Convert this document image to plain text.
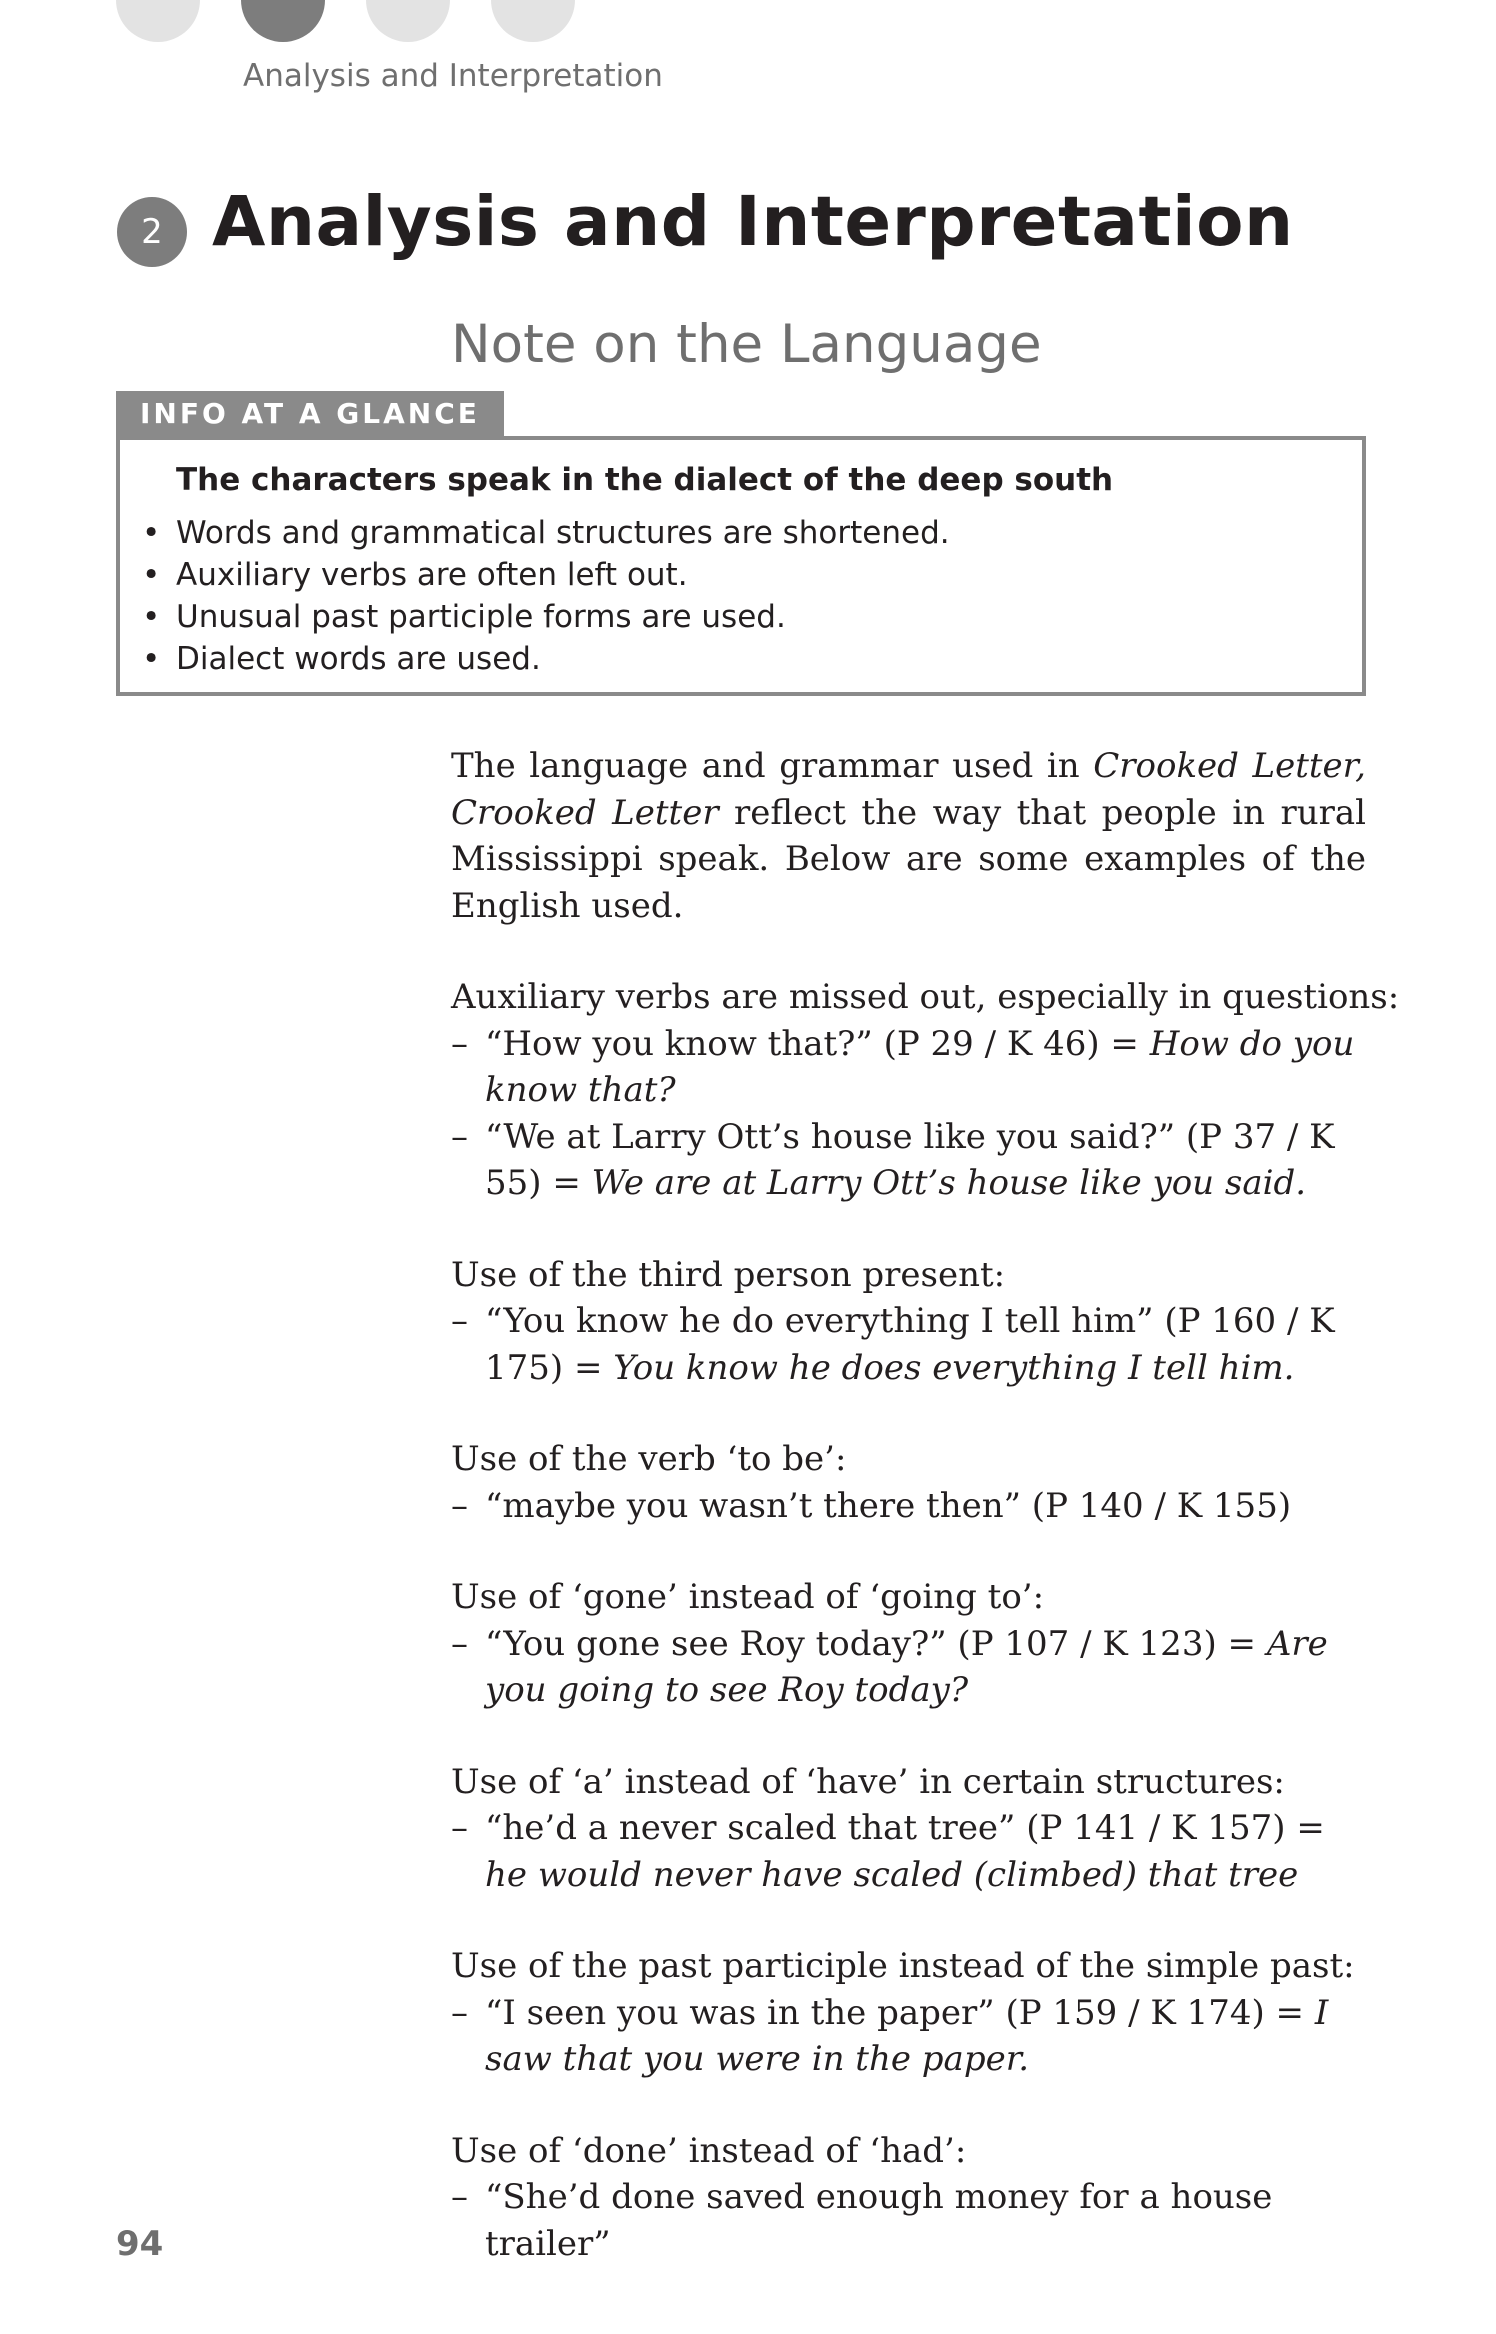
Analysis and Interpretation
2 Analysis and Interpretation
Note on the Language
INFO AT A GLANCE
The characters speak in the dialect of the deep south
• Words and grammatical structures are shortened.
• Auxiliary verbs are often left out.
• Unusual past participle forms are used.
• Dialect words are used.

The language and grammar used in Crooked Letter, Crooked Letter reflect the way that people in rural Mississippi speak. Below are some examples of the English used.

Auxiliary verbs are missed out, especially in questions:
– “How you know that?” (P 29 / K 46) = How do you know that?
– “We at Larry Ott’s house like you said?” (P 37 / K 55) = We are at Larry Ott’s house like you said.
Use of the third person present:
– “You know he do everything I tell him” (P 160 / K 175) = You know he does everything I tell him.
Use of the verb ‘to be’:
– “maybe you wasn’t there then” (P 140 / K 155)
Use of ‘gone’ instead of ‘going to’:
– “You gone see Roy today?” (P 107 / K 123) = Are you going to see Roy today?
Use of ‘a’ instead of ‘have’ in certain structures:
– “he’d a never scaled that tree” (P 141 / K 157) = he would never have scaled (climbed) that tree
Use of the past participle instead of the simple past:
– “I seen you was in the paper” (P 159 / K 174) = I saw that you were in the paper.
Use of ‘done’ instead of ‘had’:
– “She’d done saved enough money for a house trailer”
94
